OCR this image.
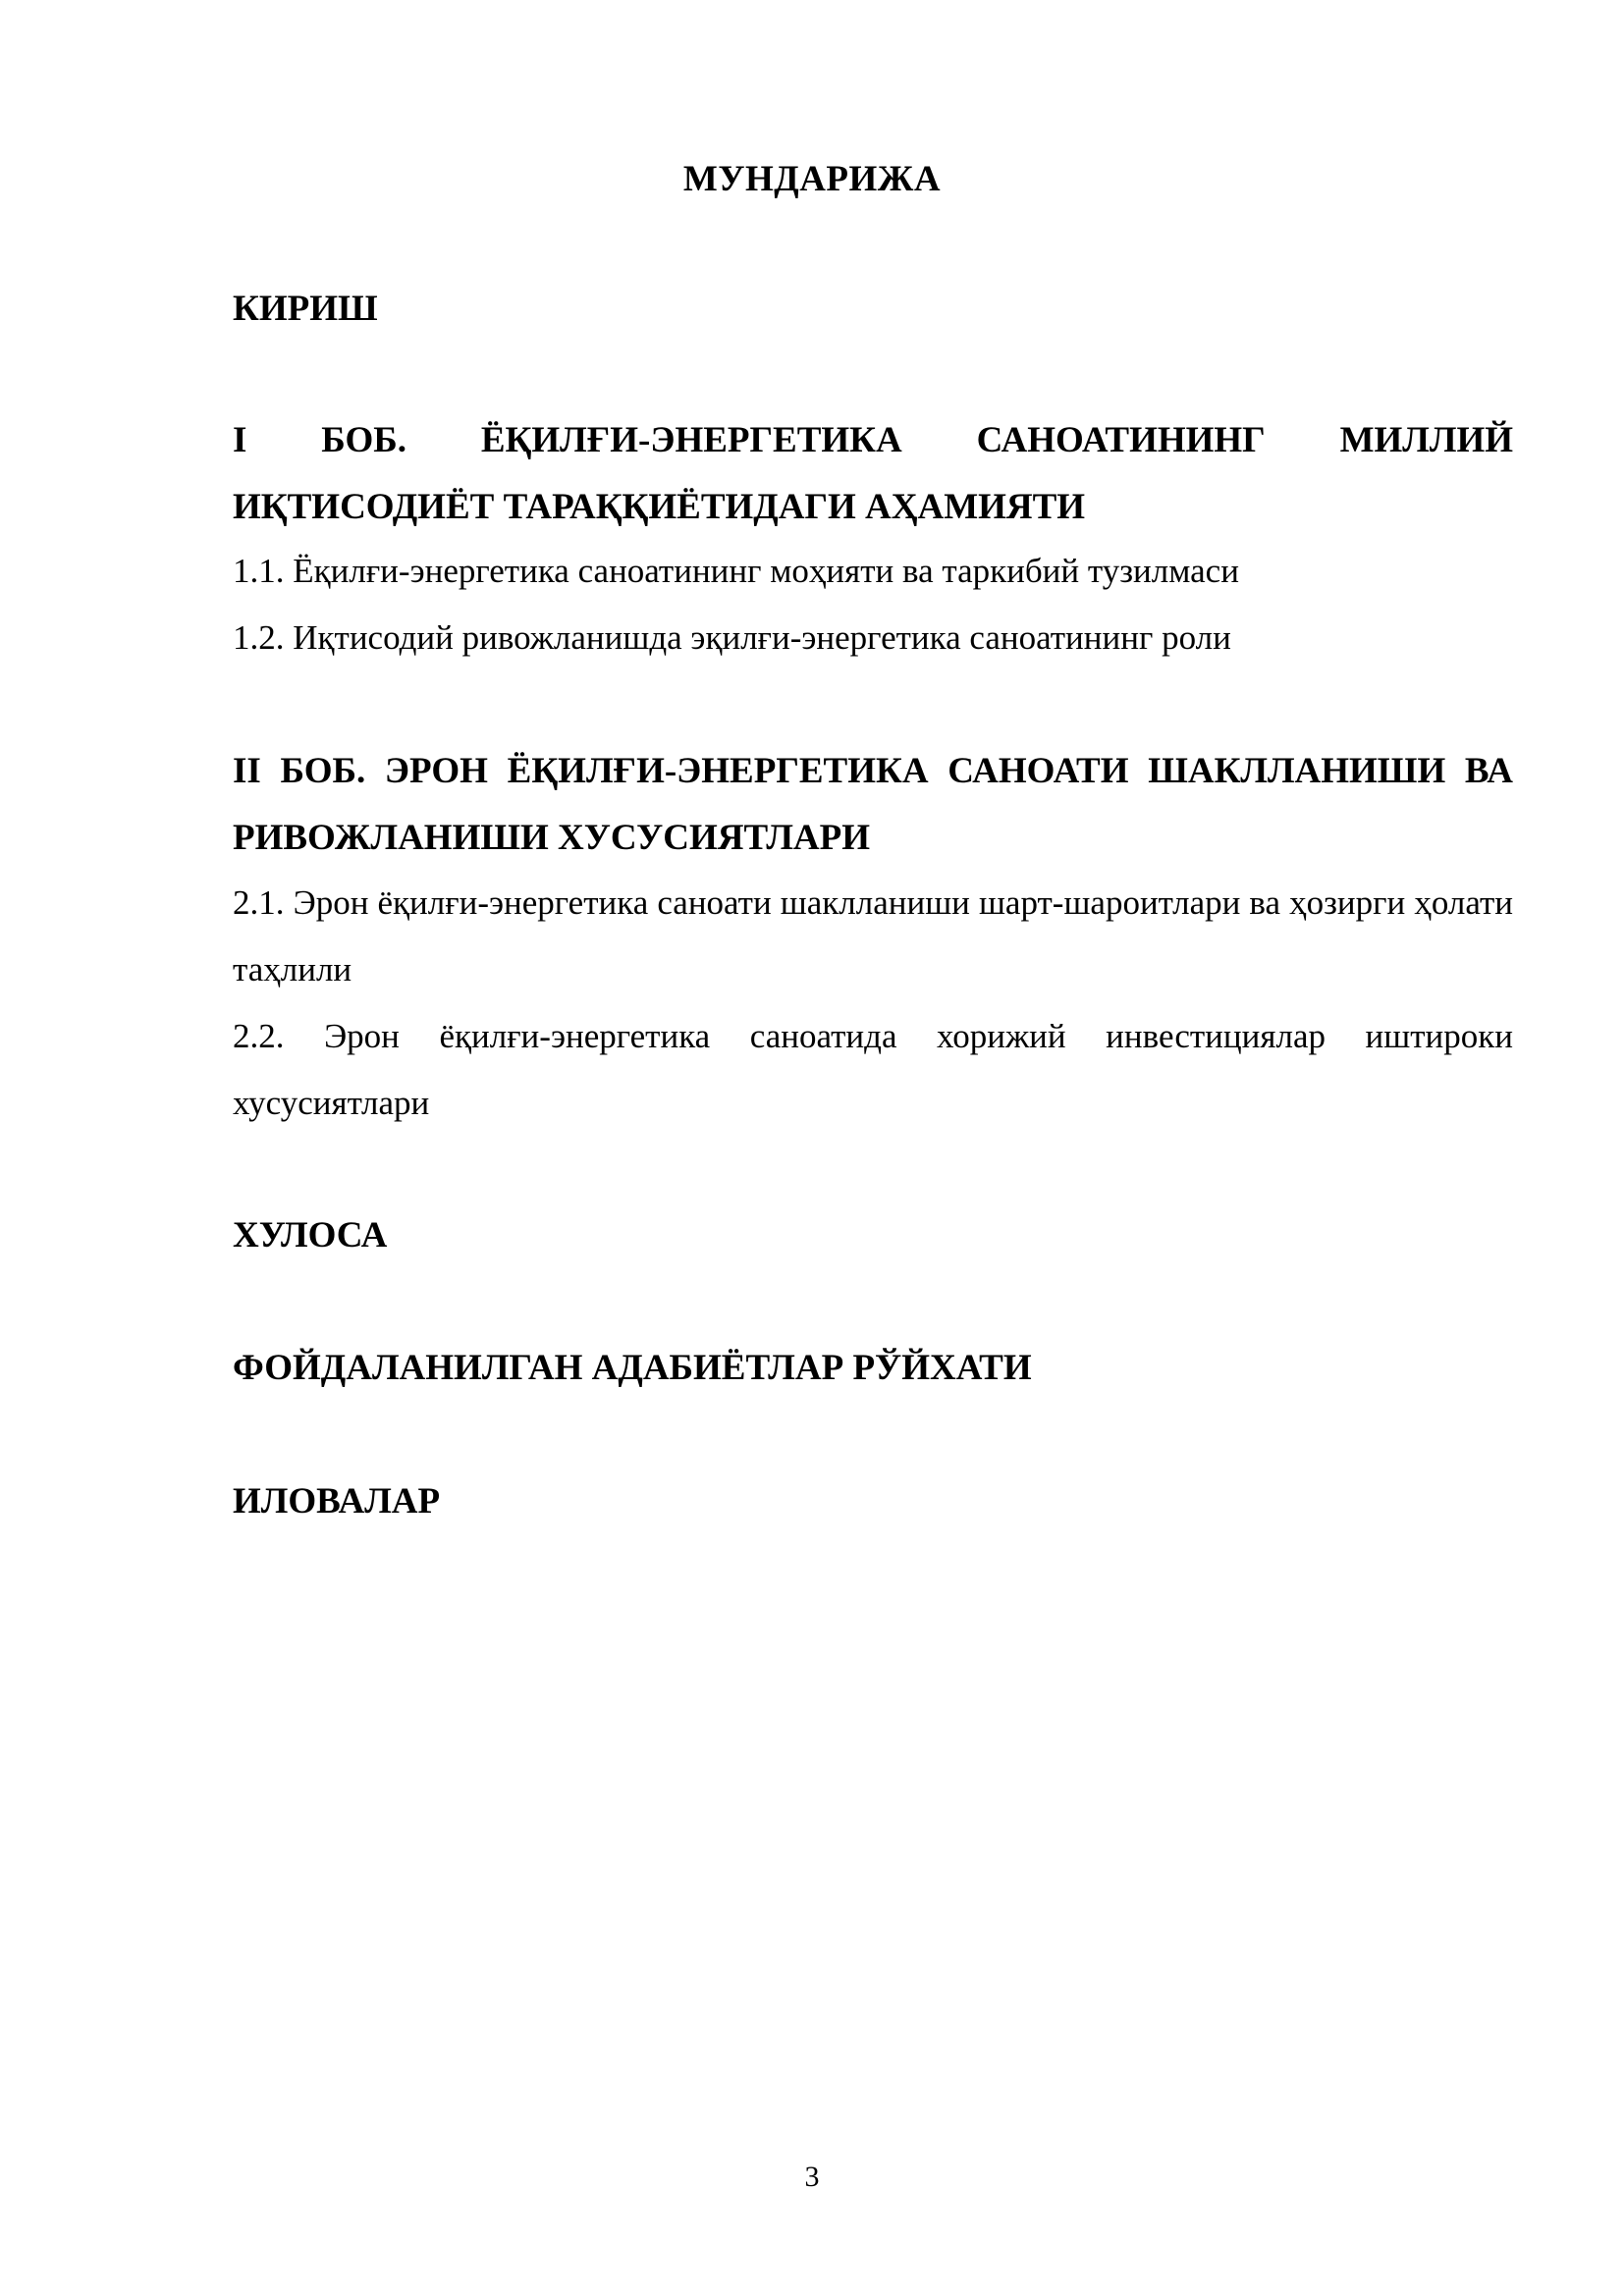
МУНДАРИЖА
КИРИШ
I БОБ. ЁҚИЛҒИ-ЭНЕРГЕТИКА САНОАТИНИНГ МИЛЛИЙ ИҚТИСОДИЁТ ТАРАҚҚИЁТИДАГИ АҲАМИЯТИ
1.1. Ёқилғи-энергетика саноатининг моҳияти ва таркибий тузилмаси
1.2. Иқтисодий ривожланишда эқилғи-энергетика саноатининг роли
II БОБ. ЭРОН ЁҚИЛҒИ-ЭНЕРГЕТИКА САНОАТИ ШАКЛЛАНИШИ ВА РИВОЖЛАНИШИ ХУСУСИЯТЛАРИ
2.1. Эрон ёқилғи-энергетика саноати шаклланиши шарт-шароитлари ва ҳозирги ҳолати таҳлили
2.2. Эрон ёқилғи-энергетика саноатида хорижий инвестициялар иштироки хусусиятлари
ХУЛОСА
ФОЙДАЛАНИЛГАН АДАБИЁТЛАР РЎЙХАТИ
ИЛОВАЛАР
3
